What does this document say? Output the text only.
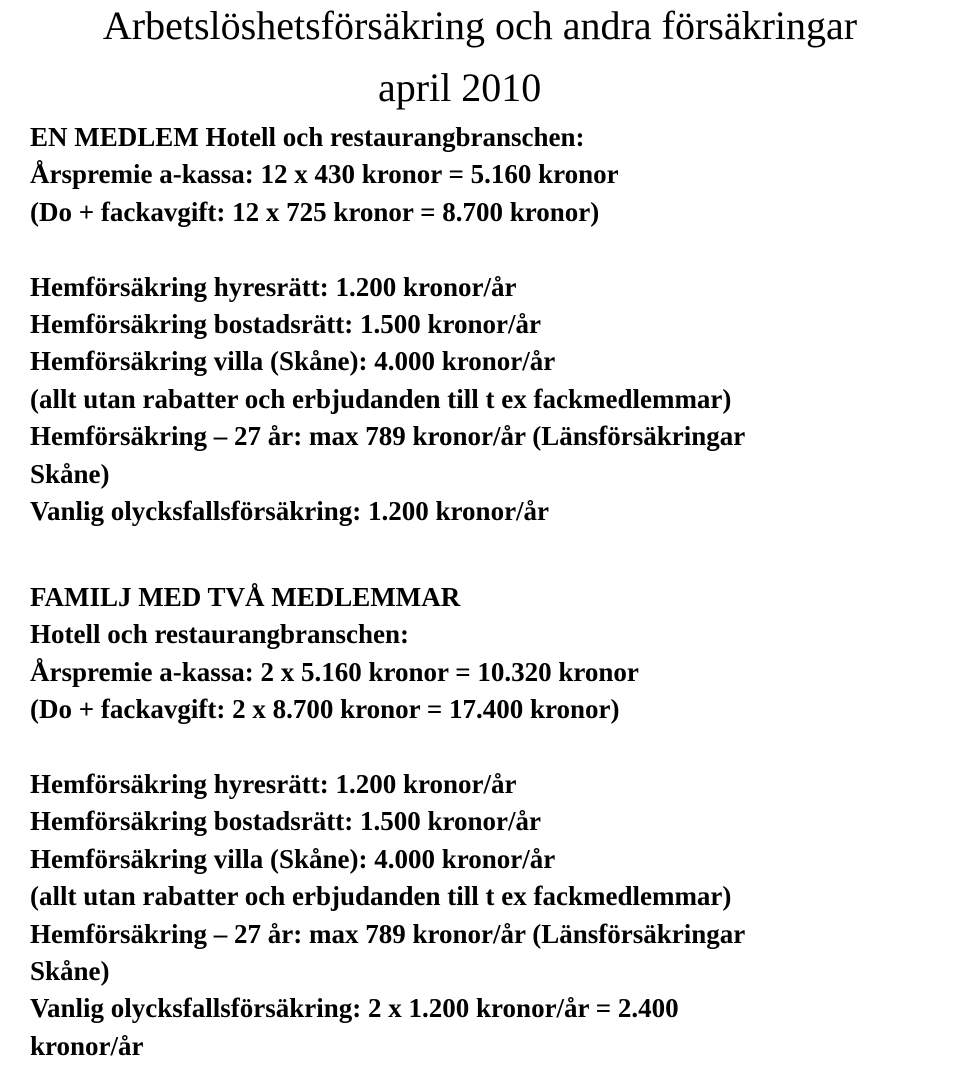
Arbetslöshetsförsäkring och andra försäkringar
april 2010
EN MEDLEM Hotell och restaurangbranschen:
Årspremie a-kassa: 12 x 430 kronor = 5.160 kronor
(Do + fackavgift: 12 x 725 kronor = 8.700 kronor)
Hemförsäkring hyresrätt: 1.200 kronor/år
Hemförsäkring bostadsrätt: 1.500 kronor/år
Hemförsäkring villa (Skåne): 4.000 kronor/år
(allt utan rabatter och erbjudanden till t ex fackmedlemmar)
Hemförsäkring – 27 år: max 789 kronor/år (Länsförsäkringar
Skåne)
Vanlig olycksfallsförsäkring: 1.200 kronor/år
FAMILJ MED TVÅ MEDLEMMAR
Hotell och restaurangbranschen:
Årspremie a-kassa: 2 x 5.160 kronor = 10.320 kronor
(Do + fackavgift: 2 x 8.700 kronor = 17.400 kronor)
Hemförsäkring hyresrätt: 1.200 kronor/år
Hemförsäkring bostadsrätt: 1.500 kronor/år
Hemförsäkring villa (Skåne): 4.000 kronor/år
(allt utan rabatter och erbjudanden till t ex fackmedlemmar)
Hemförsäkring – 27 år: max 789 kronor/år (Länsförsäkringar
Skåne)
Vanlig olycksfallsförsäkring: 2 x 1.200 kronor/år = 2.400
kronor/år
